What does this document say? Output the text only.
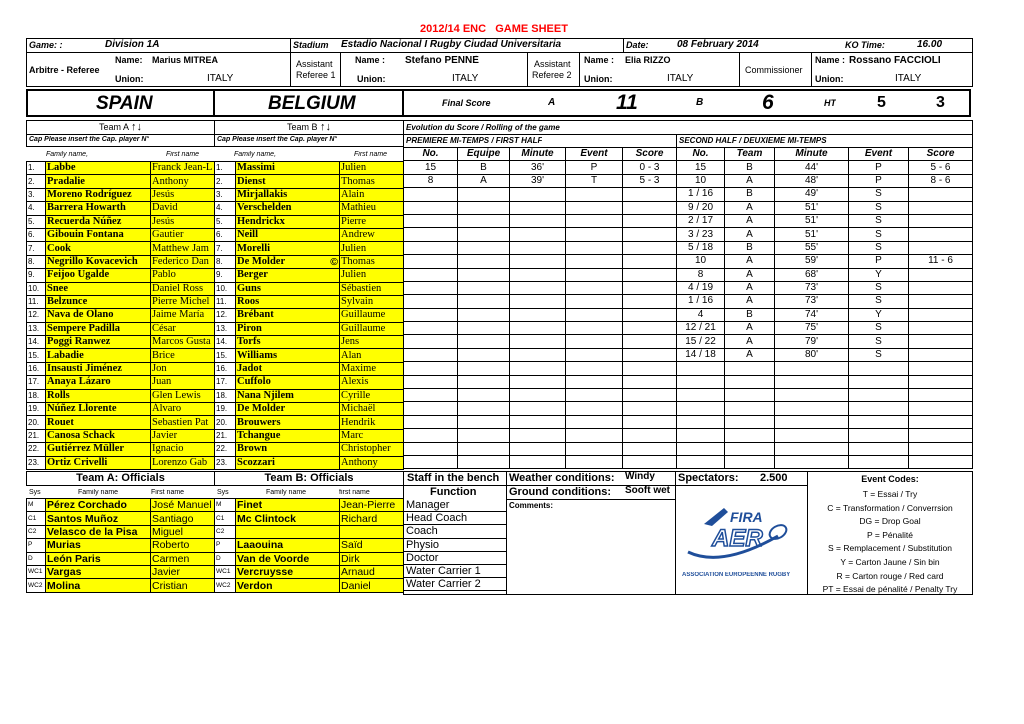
2012/14 ENC GAME SHEET
Game: :	Division 1A	Stadium Estadio Nacional I Rugby Ciudad Universitaria	Date:	08 February 2014	KO Time:	16.00
Arbitre - Referee
Name: Marius MITREA
Union:	ITALY
Assistant
Referee 1
Name : Stefano PENNÈ
Union:	ITALY
Assistant
Referee 2
Name : Elia RIZZO
Union:	ITALY
Commissioner
Name : Rossano FACCIOLI
Union:	ITALY
SPAIN	BELGIUM	Final Score	A	11	B	6	HT	5	3
Team A ↑↓	Team B ↑↓
Cap Please insert the Cap. player N°	Cap Please insert the Cap. player N°
Family name,	First name	Family name,	First name
1.	Labbe	Franck Jean-L
2.	Pradalie	Anthony
3.	Moreno Rodríguez	Jesús
4.	Barrera Howarth	David
5.	Recuerda Núñez	Jesús
6.	Gibouin Fontana	Gautier
7.	Cook	Matthew Jam
8.	Negrillo Kovacevich	Federico Dan
9.	Feijoo Ugalde	Pablo
10.	Snee	Daniel Ross
11.	Belzunce	Pierre Michel
12.	Nava de Olano	Jaime María
13.	Sempere Padilla	César
14.	Poggi Ranwez	Marcos Gusta
15.	Labadie	Brice
16.	Insausti Jiménez	Jon
17.	Anaya Lázaro	Juan
18.	Rolls	Glen Lewis
19.	Núñez Llorente	Álvaro
20.	Rouet	Sebastien Pat
21.	Canosa Schack	Javier
22.	Gutiérrez Müller	Ignacio
23.	Ortiz Crivelli	Lorenzo Gab
1.	Massimi	Julien
2.	Dienst	Thomas
3.	Mirjallakis	Alain
4.	Verschelden	Mathieu
5.	Hendrickx	Pierre
6.	Neill	Andrew
7.	Morelli	Julien
8.	De Molder ©	Thomas
9.	Berger	Julien
10.	Guns	Sébastien
11.	Roos	Sylvain
12.	Brébant	Guillaume
13.	Piron	Guillaume
14.	Torfs	Jens
15.	Williams	Alan
16.	Jadot	Maxime
17.	Cuffolo	Alexis
18.	Nana Njilem	Cyrille
19.	De Molder	Michaël
20.	Brouwers	Hendrik
21.	Tchangue	Marc
22.	Brown	Christopher
23.	Scozzari	Anthony
Evolution du Score / Rolling of the game
PREMIERE MI-TEMPS / FIRST HALF	SECOND HALF / DEUXIEME MI-TEMPS
No.	Equipe	Minute	Event	Score
15	B	36'	P	0 - 3
8	A	39'	T	5 - 3

No.	Team	Minute	Event	Score
15	B	44'	P	5 - 6
10	A	48'	P	8 - 6
1 / 16	B	49'	S	
9 / 20	A	51'	S	
2 / 17	A	51'	S	
3 / 23	A	51'	S	
5 / 18	B	55'	S	
10	A	59'	P	11 - 6
8	A	68'	Y	
4 / 19	A	73'	S	
1 / 16	A	73'	S	
4	B	74'	Y	
12 / 21	A	75'	S	
15 / 22	A	79'	S	
14 / 18	A	80'	S	

Team A: Officials	Team B: Officials
Sys	Family name	First name	Sys	Family name	first name
M	Pérez Corchado	José Manuel
C1	Santos Muñoz	Santiago
C2	Velasco de la Pisa	Miguel
P	Murias	Roberto
D	León Paris	Carmen
WC1	Vargas	Javier
WC2	Molina	Cristian
M	Finet	Jean-Pierre
C1	Mc Clintock	Richard
C2		
P	Laaouina	Saïd
D	Van de Voorde	Dirk
WC1	Vercruysse	Arnaud
WC2	Verdon	Daniel
Staff in the bench
Function
Manager
Head Coach
Coach
Physio
Doctor
Water Carrier 1
Water Carrier 2
Weather conditions: Windy
Ground conditions: Sooft wet
Comments:
Spectators: 2.500
FIRA
AER
ASSOCIATION EUROPÉENNE RUGBY
Event Codes:
T = Essai / Try
C = Transformation / Converrsion
DG = Drop Goal
P = Pénalité
S = Remplacement / Substitution
Y = Carton Jaune / Sin bin
R = Carton rouge / Red card
PT = Essai de pénalité / Penalty Try
